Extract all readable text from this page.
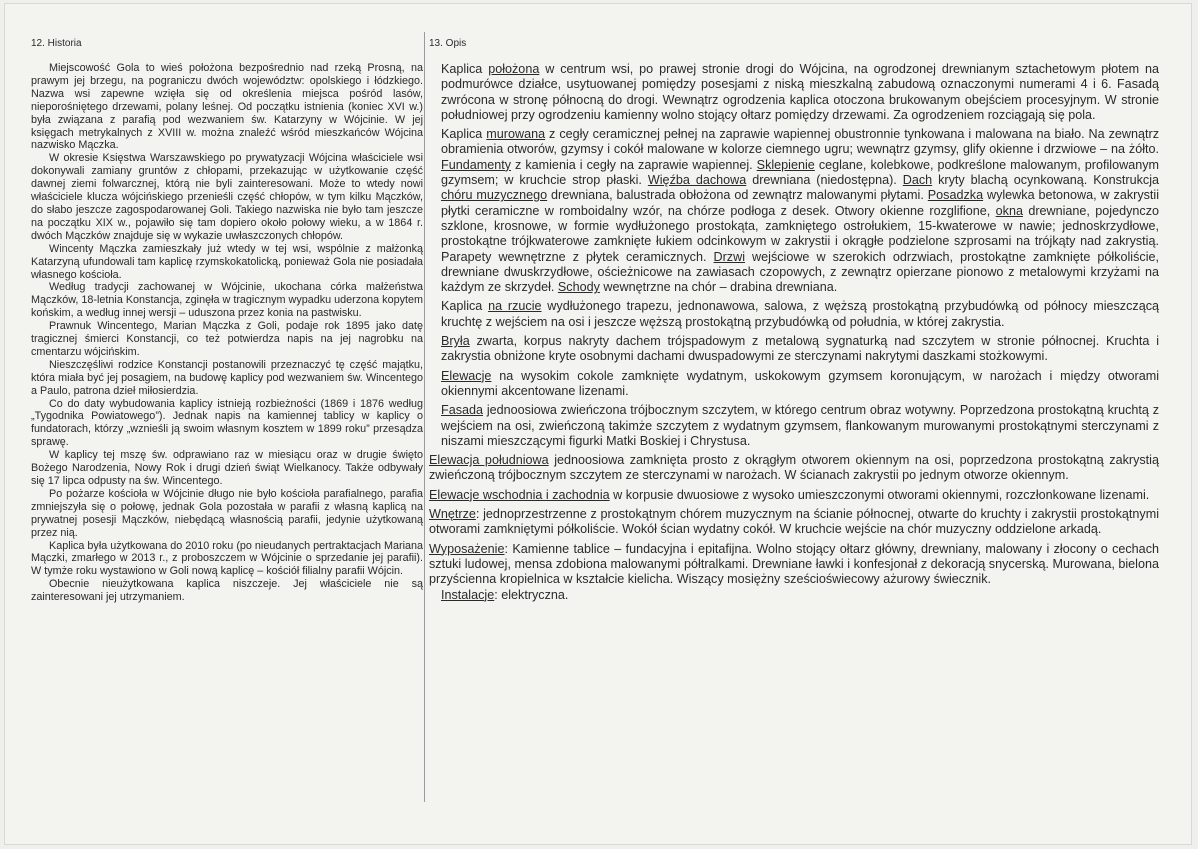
12. Historia

Miejscowość Gola to wieś położona bezpośrednio nad rzeką Prosną, na prawym jej brzegu, na pograniczu dwóch województw: opolskiego i łódzkiego. Nazwa wsi zapewne wzięła się od określenia miejsca pośród lasów, nieporośniętego drzewami, polany leśnej. Od początku istnienia (koniec XVI w.) była związana z parafią pod wezwaniem św. Katarzyny w Wójcinie. W jej księgach metrykalnych z XVIII w. można znaleźć wśród mieszkańców Wójcina nazwisko Mączka.

W okresie Księstwa Warszawskiego po prywatyzacji Wójcina właściciele wsi dokonywali zamiany gruntów z chłopami, przekazując w użytkowanie część dawnej ziemi folwarcznej, którą nie byli zainteresowani. Może to wtedy nowi właściciele klucza wójcińskiego przenieśli część chłopów, w tym kilku Mączków, do słabo jeszcze zagospodarowanej Goli. Takiego nazwiska nie było tam jeszcze na początku XIX w., pojawiło się tam dopiero około połowy wieku, a w 1864 r. dwóch Mączków znajduje się w wykazie uwłaszczonych chłopów.

Wincenty Mączka zamieszkały już wtedy w tej wsi, wspólnie z małżonką Katarzyną ufundowali tam kaplicę rzymskokatolicką, ponieważ Gola nie posiadała własnego kościoła.

Według tradycji zachowanej w Wójcinie, ukochana córka małżeństwa Mączków, 18-letnia Konstancja, zginęła w tragicznym wypadku uderzona kopytem końskim, a według innej wersji – uduszona przez konia na pastwisku.

Prawnuk Wincentego, Marian Mączka z Goli, podaje rok 1895 jako datę tragicznej śmierci Konstancji, co też potwierdza napis na jej nagrobku na cmentarzu wójcińskim.

Nieszczęśliwi rodzice Konstancji postanowili przeznaczyć tę część majątku, która miała być jej posagiem, na budowę kaplicy pod wezwaniem św. Wincentego a Paulo, patrona dzieł miłosierdzia.

Co do daty wybudowania kaplicy istnieją rozbieżności (1869 i 1876 według „Tygodnika Powiatowego”). Jednak napis na kamiennej tablicy w kaplicy o fundatorach, którzy „wznieśli ją swoim własnym kosztem w 1899 roku” przesądza sprawę.

W kaplicy tej mszę św. odprawiano raz w miesiącu oraz w drugie święto Bożego Narodzenia, Nowy Rok i drugi dzień świąt Wielkanocy. Także odbywały się 17 lipca odpusty na św. Wincentego.

Po pożarze kościoła w Wójcinie długo nie było kościoła parafialnego, parafia zmniejszyła się o połowę, jednak Gola pozostała w parafii z własną kaplicą na prywatnej posesji Mączków, niebędącą własnością parafii, jedynie użytkowaną przez nią.

Kaplica była użytkowana do 2010 roku (po nieudanych pertraktacjach Mariana Mączki, zmarłego w 2013 r., z proboszczem w Wójcinie o sprzedanie jej parafii). W tymże roku wystawiono w Goli nową kaplicę – kościół filialny parafii Wójcin.

Obecnie nieużytkowana kaplica niszczeje. Jej właściciele nie są zainteresowani jej utrzymaniem.

13. Opis

Kaplica położona w centrum wsi, po prawej stronie drogi do Wójcina, na ogrodzonej drewnianym sztachetowym płotem na podmurówce działce, usytuowanej pomiędzy posesjami z niską mieszkalną zabudową oznaczonymi numerami 4 i 6. Fasadą zwrócona w stronę północną do drogi. Wewnątrz ogrodzenia kaplica otoczona brukowanym obejściem procesyjnym. W stronie południowej przy ogrodzeniu kamienny wolno stojący ołtarz pomiędzy drzewami. Za ogrodzeniem rozciągają się pola.

Kaplica murowana z cegły ceramicznej pełnej na zaprawie wapiennej obustronnie tynkowana i malowana na biało. Na zewnątrz obramienia otworów, gzymsy i cokół malowane w kolorze ciemnego ugru; wewnątrz gzymsy, glify okienne i drzwiowe – na żółto. Fundamenty z kamienia i cegły na zaprawie wapiennej. Sklepienie ceglane, kolebkowe, podkreślone malowanym, profilowanym gzymsem; w kruchcie strop płaski. Więźba dachowa drewniana (niedostępna). Dach kryty blachą ocynkowaną. Konstrukcja chóru muzycznego drewniana, balustrada obłożona od zewnątrz malowanymi płytami. Posadzka wylewka betonowa, w zakrystii płytki ceramiczne w romboidalny wzór, na chórze podłoga z desek. Otwory okienne rozglifione, okna drewniane, pojedynczo szklone, krosnowe, w formie wydłużonego prostokąta, zamkniętego ostrołukiem, 15-kwaterowe w nawie; jednoskrzydłowe, prostokątne trójkwaterowe zamknięte łukiem odcinkowym w zakrystii i okrągłe podzielone szprosami na trójkąty nad zakrystią. Parapety wewnętrzne z płytek ceramicznych. Drzwi wejściowe w szerokich odrzwiach, prostokątne zamknięte półkoliście, drewniane dwuskrzydłowe, ościeżnicowe na zawiasach czopowych, z zewnątrz opierzane pionowo z metalowymi krzyżami na każdym ze skrzydeł. Schody wewnętrzne na chór – drabina drewniana.

Kaplica na rzucie wydłużonego trapezu, jednonawowa, salowa, z węższą prostokątną przybudówką od północy mieszczącą kruchtę z wejściem na osi i jeszcze węższą prostokątną przybudówką od południa, w której zakrystia.

Bryła zwarta, korpus nakryty dachem trójspadowym z metalową sygnaturką nad szczytem w stronie północnej. Kruchta i zakrystia obniżone kryte osobnymi dachami dwuspadowymi ze sterczynami nakrytymi daszkami stożkowymi.

Elewacje na wysokim cokole zamknięte wydatnym, uskokowym gzymsem koronującym, w narożach i między otworami okiennymi akcentowane lizenami.

Fasada jednoosiowa zwieńczona trójbocznym szczytem, w którego centrum obraz wotywny. Poprzedzona prostokątną kruchtą z wejściem na osi, zwieńczoną takimże szczytem z wydatnym gzymsem, flankowanym murowanymi prostokątnymi sterczynami z niszami mieszczącymi figurki Matki Boskiej i Chrystusa.

Elewacja południowa jednoosiowa zamknięta prosto z okrągłym otworem okiennym na osi, poprzedzona prostokątną zakrystią zwieńczoną trójbocznym szczytem ze sterczynami w narożach. W ścianach zakrystii po jednym otworze okiennym.

Elewacje wschodnia i zachodnia w korpusie dwuosiowe z wysoko umieszczonymi otworami okiennymi, rozczłonkowane lizenami.

Wnętrze: jednoprzestrzenne z prostokątnym chórem muzycznym na ścianie północnej, otwarte do kruchty i zakrystii prostokątnymi otworami zamkniętymi półkoliście. Wokół ścian wydatny cokół. W kruchcie wejście na chór muzyczny oddzielone arkadą.

Wyposażenie: Kamienne tablice – fundacyjna i epitafijna. Wolno stojący ołtarz główny, drewniany, malowany i złocony o cechach sztuki ludowej, mensa zdobiona malowanymi półtralkami. Drewniane ławki i konfesjonał z dekoracją snycerską. Murowana, bielona przyścienna kropielnica w kształcie kielicha. Wiszący mosiężny sześcioświecowy ażurowy świecznik.

Instalacje: elektryczna.
